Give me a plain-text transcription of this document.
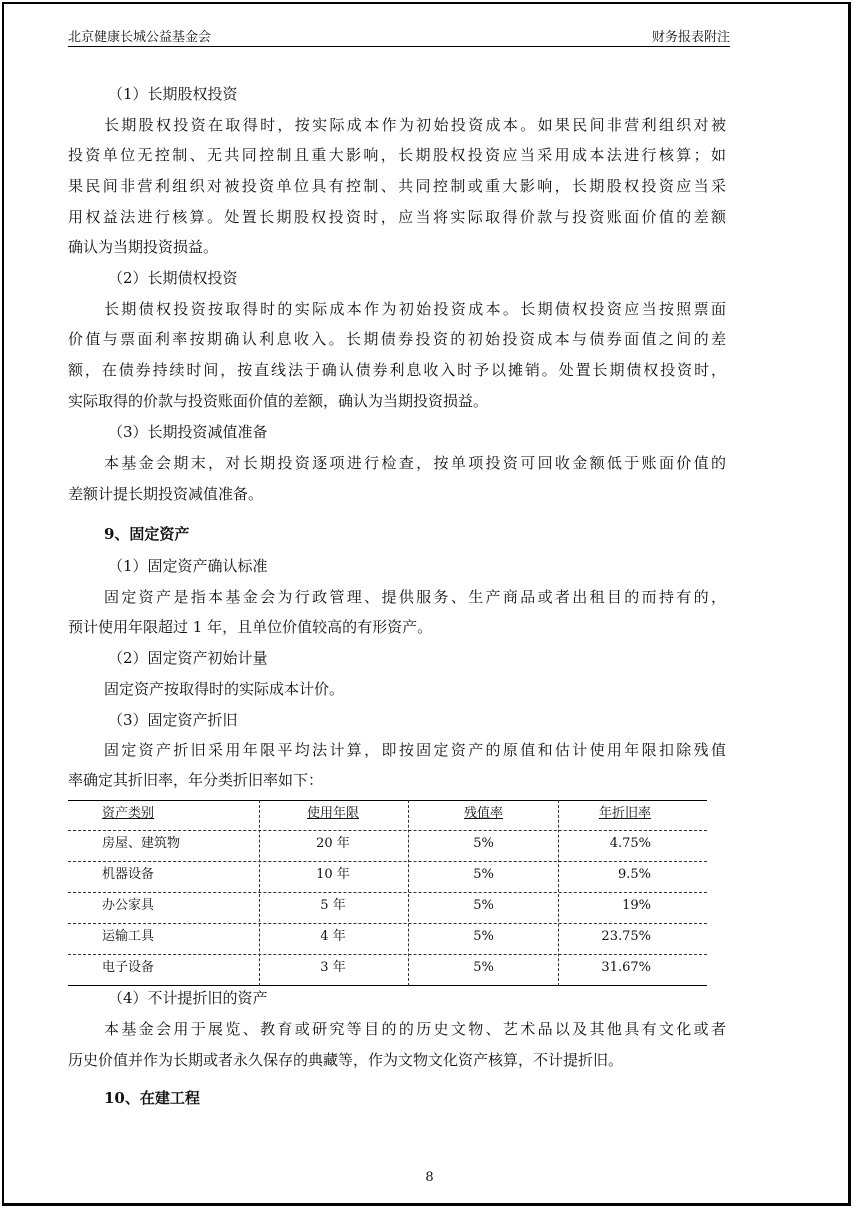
北京健康长城公益基金会	财务报表附注
（1）长期股权投资
长期股权投资在取得时，按实际成本作为初始投资成本。如果民间非营利组织对被
投资单位无控制、无共同控制且重大影响，长期股权投资应当采用成本法进行核算；如
果民间非营利组织对被投资单位具有控制、共同控制或重大影响，长期股权投资应当采
用权益法进行核算。处置长期股权投资时，应当将实际取得价款与投资账面价值的差额
确认为当期投资损益。
（2）长期债权投资
长期债权投资按取得时的实际成本作为初始投资成本。长期债权投资应当按照票面
价值与票面利率按期确认利息收入。长期债券投资的初始投资成本与债券面值之间的差
额，在债券持续时间，按直线法于确认债券利息收入时予以摊销。处置长期债权投资时，
实际取得的价款与投资账面价值的差额，确认为当期投资损益。
（3）长期投资减值准备
本基金会期末，对长期投资逐项进行检查，按单项投资可回收金额低于账面价值的
差额计提长期投资减值准备。
9、固定资产
（1）固定资产确认标准
固定资产是指本基金会为行政管理、提供服务、生产商品或者出租目的而持有的，
预计使用年限超过 1 年，且单位价值较高的有形资产。
（2）固定资产初始计量
固定资产按取得时的实际成本计价。
（3）固定资产折旧
固定资产折旧采用年限平均法计算，即按固定资产的原值和估计使用年限扣除残值
率确定其折旧率，年分类折旧率如下：
资产类别	使用年限	残值率	年折旧率
房屋、建筑物	20 年	5%	4.75%
机器设备	10 年	5%	9.5%
办公家具	5 年	5%	19%
运输工具	4 年	5%	23.75%
电子设备	3 年	5%	31.67%
（4）不计提折旧的资产
本基金会用于展览、教育或研究等目的的历史文物、艺术品以及其他具有文化或者
历史价值并作为长期或者永久保存的典藏等，作为文物文化资产核算，不计提折旧。
10、在建工程
8
